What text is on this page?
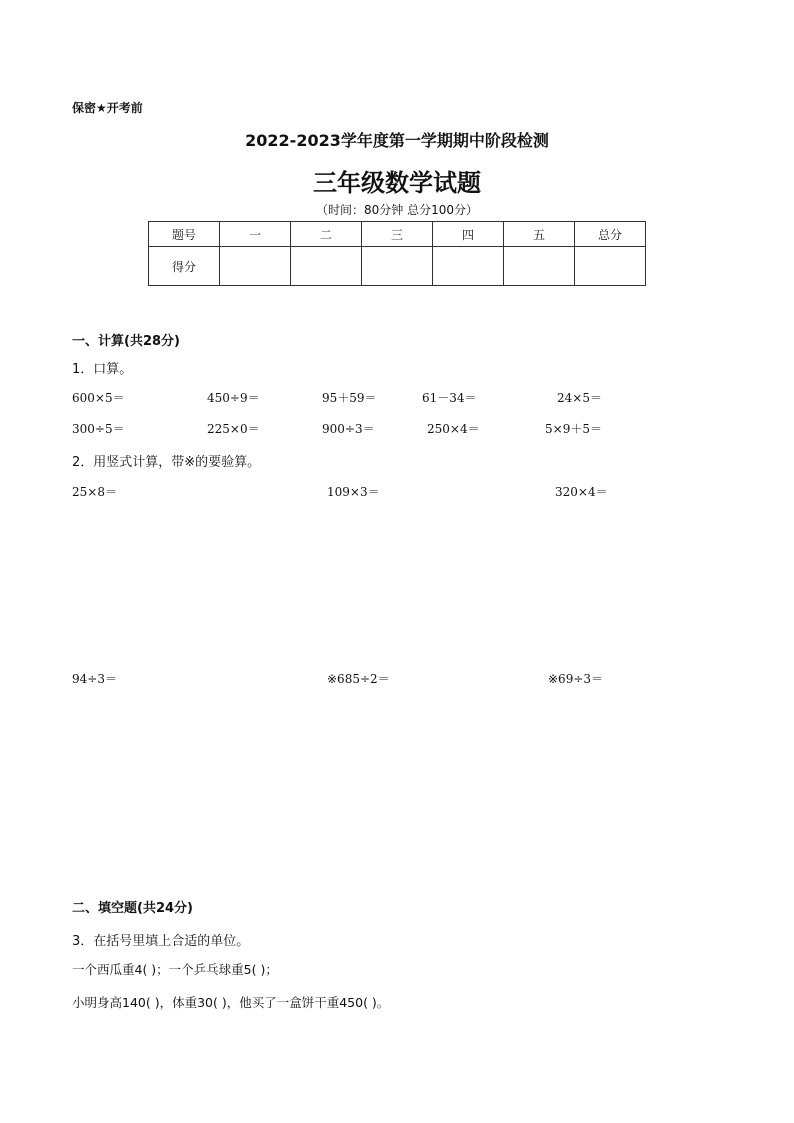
保密★开考前
2022-2023学年度第一学期期中阶段检测
三年级数学试题
（时间：80分钟 总分100分）
题号	一	二	三	四	五	总分
得分						
一、计算(共28分)
1．口算。
600×5＝	450÷9＝	95＋59＝	61－34＝	24×5＝
300÷5＝	225×0＝	900÷3＝	250×4＝	5×9＋5＝
2．用竖式计算，带※的要验算。
25×8＝	109×3＝	320×4＝
94÷3＝	※685÷2＝	※69÷3＝
二、填空题(共24分)
3．在括号里填上合适的单位。
一个西瓜重4( )；一个乒乓球重5( )；
小明身高140( )，体重30( )，他买了一盒饼干重450( )。
